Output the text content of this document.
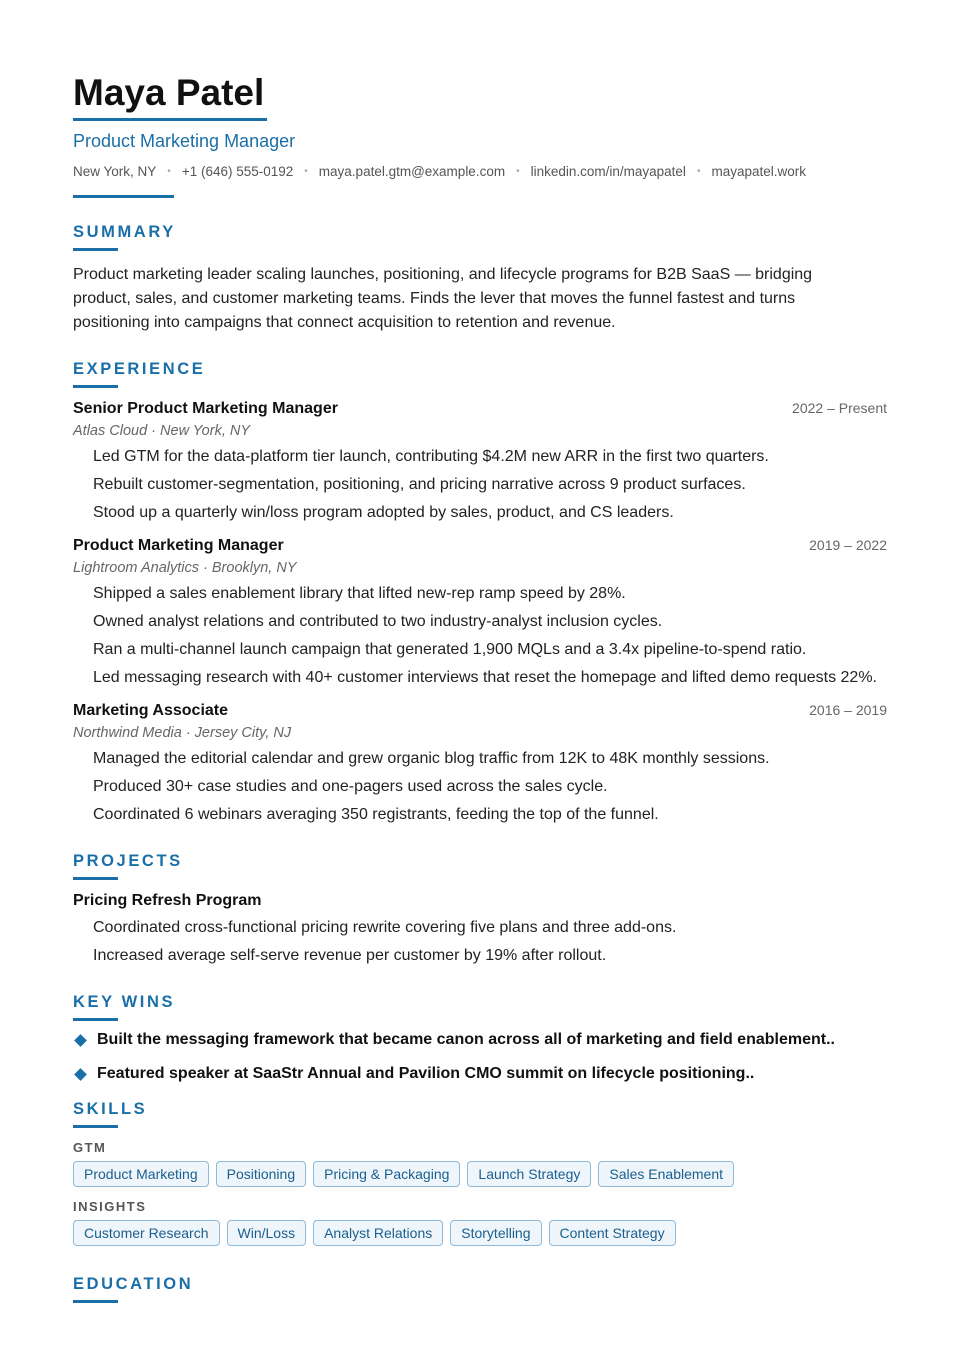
Maya Patel
Product Marketing Manager
New York, NY • +1 (646) 555-0192 • maya.patel.gtm@example.com • linkedin.com/in/mayapatel • mayapatel.work
SUMMARY
Product marketing leader scaling launches, positioning, and lifecycle programs for B2B SaaS — bridging product, sales, and customer marketing teams. Finds the lever that moves the funnel fastest and turns positioning into campaigns that connect acquisition to retention and revenue.
EXPERIENCE
Senior Product Marketing Manager	2022 – Present
Atlas Cloud · New York, NY
Led GTM for the data-platform tier launch, contributing $4.2M new ARR in the first two quarters.
Rebuilt customer-segmentation, positioning, and pricing narrative across 9 product surfaces.
Stood up a quarterly win/loss program adopted by sales, product, and CS leaders.
Product Marketing Manager	2019 – 2022
Lightroom Analytics · Brooklyn, NY
Shipped a sales enablement library that lifted new-rep ramp speed by 28%.
Owned analyst relations and contributed to two industry-analyst inclusion cycles.
Ran a multi-channel launch campaign that generated 1,900 MQLs and a 3.4x pipeline-to-spend ratio.
Led messaging research with 40+ customer interviews that reset the homepage and lifted demo requests 22%.
Marketing Associate	2016 – 2019
Northwind Media · Jersey City, NJ
Managed the editorial calendar and grew organic blog traffic from 12K to 48K monthly sessions.
Produced 30+ case studies and one-pagers used across the sales cycle.
Coordinated 6 webinars averaging 350 registrants, feeding the top of the funnel.
PROJECTS
Pricing Refresh Program
Coordinated cross-functional pricing rewrite covering five plans and three add-ons.
Increased average self-serve revenue per customer by 19% after rollout.
KEY WINS
Built the messaging framework that became canon across all of marketing and field enablement..
Featured speaker at SaaStr Annual and Pavilion CMO summit on lifecycle positioning..
SKILLS
GTM
Product Marketing	Positioning	Pricing & Packaging	Launch Strategy	Sales Enablement
INSIGHTS
Customer Research	Win/Loss	Analyst Relations	Storytelling	Content Strategy
EDUCATION
